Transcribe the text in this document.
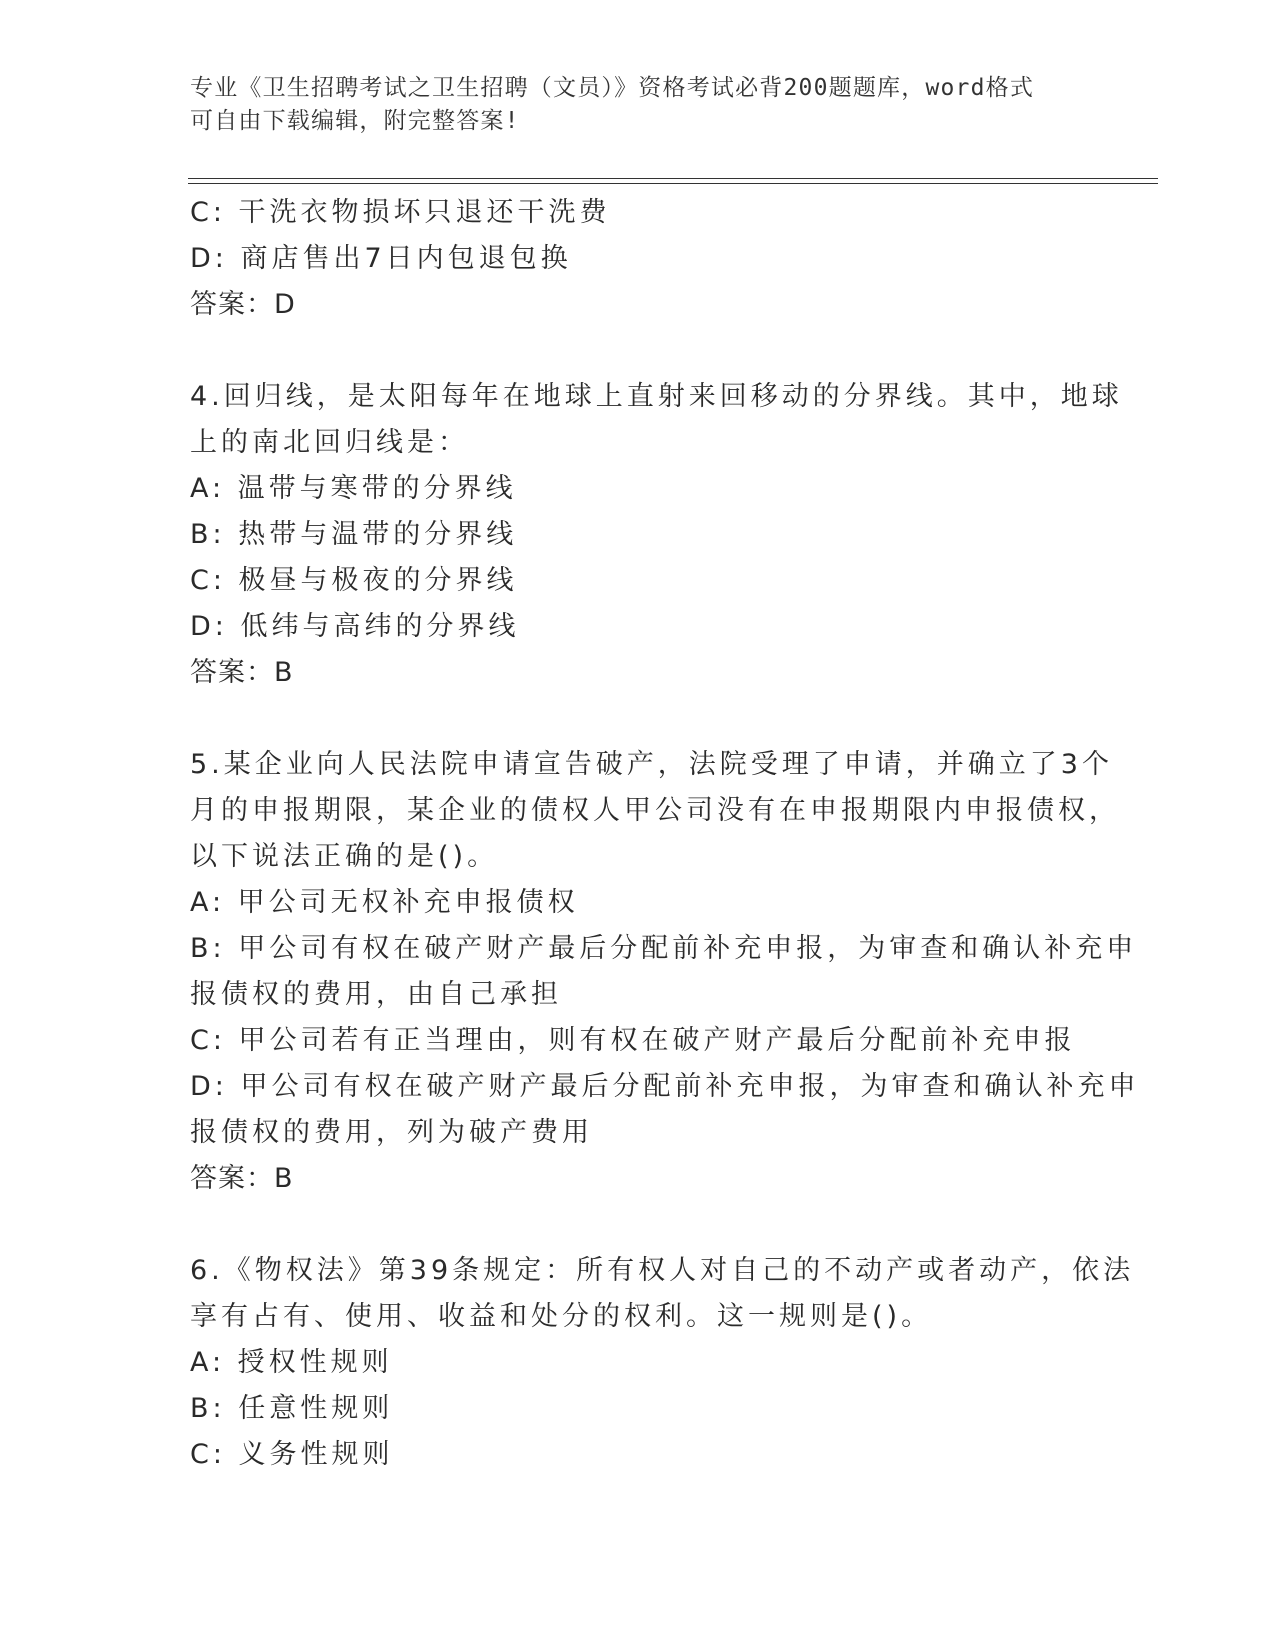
专业《卫生招聘考试之卫生招聘（文员）》资格考试必背200题题库，word格式
可自由下载编辑，附完整答案!
C: 干洗衣物损坏只退还干洗费
D: 商店售出7日内包退包换
答案：D
4.回归线，是太阳每年在地球上直射来回移动的分界线。其中，地球
上的南北回归线是：
A: 温带与寒带的分界线
B: 热带与温带的分界线
C: 极昼与极夜的分界线
D: 低纬与高纬的分界线
答案：B
5.某企业向人民法院申请宣告破产，法院受理了申请，并确立了3个
月的申报期限，某企业的债权人甲公司没有在申报期限内申报债权，
以下说法正确的是()。
A: 甲公司无权补充申报债权
B: 甲公司有权在破产财产最后分配前补充申报，为审查和确认补充申
报债权的费用，由自己承担
C: 甲公司若有正当理由，则有权在破产财产最后分配前补充申报
D: 甲公司有权在破产财产最后分配前补充申报，为审查和确认补充申
报债权的费用，列为破产费用
答案：B
6.《物权法》第39条规定：所有权人对自己的不动产或者动产，依法
享有占有、使用、收益和处分的权利。这一规则是()。
A: 授权性规则
B: 任意性规则
C: 义务性规则
